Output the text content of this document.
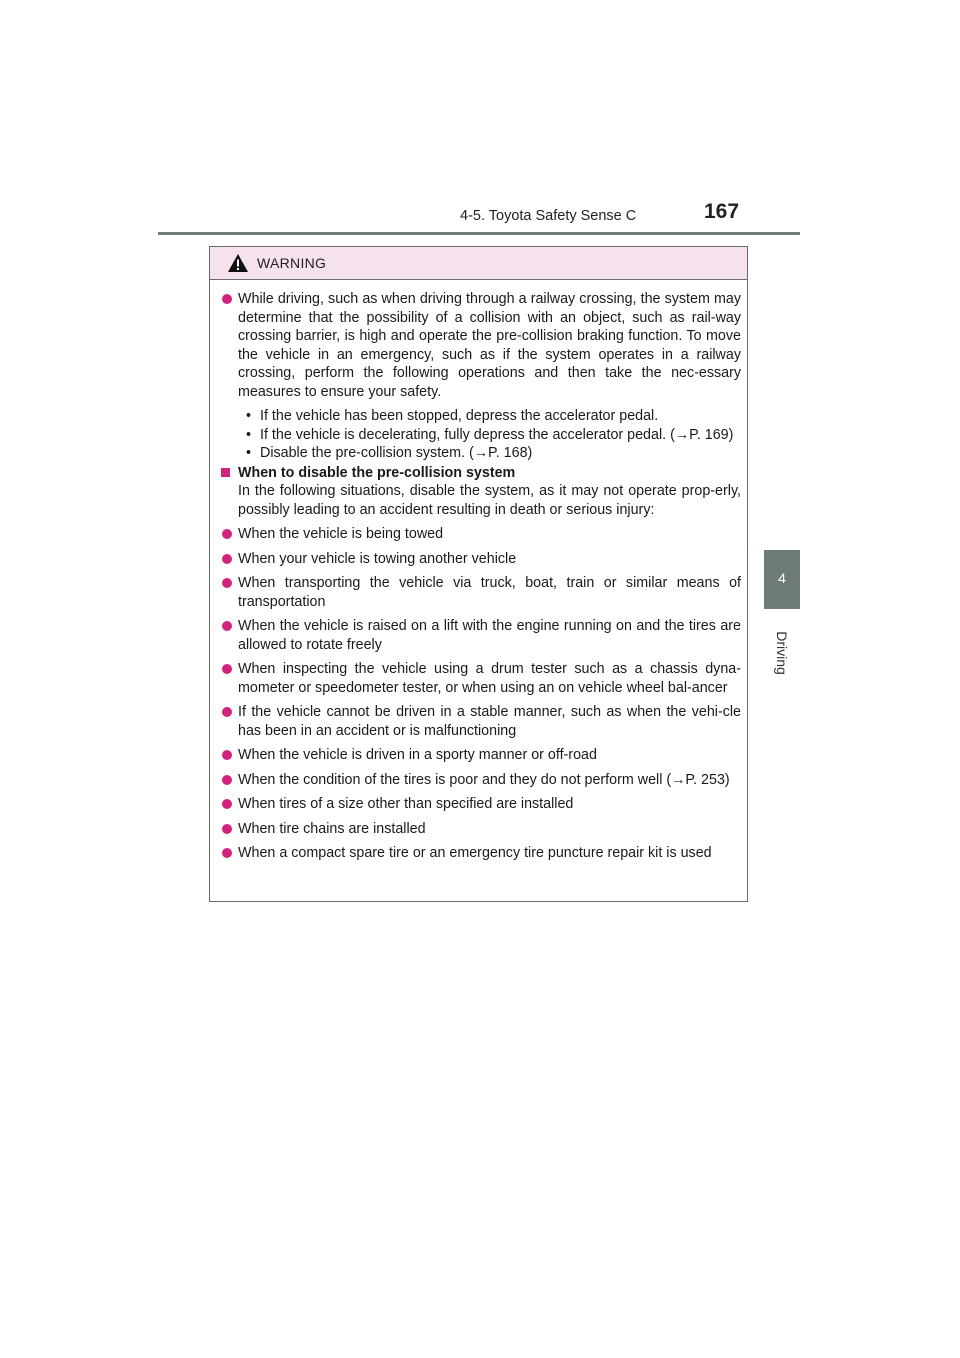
4-5. Toyota Safety Sense C	167
4
Driving
WARNING
While driving, such as when driving through a railway crossing, the system may determine that the possibility of a collision with an object, such as rail-way crossing barrier, is high and operate the pre-collision braking function. To move the vehicle in an emergency, such as if the system operates in a railway crossing, perform the following operations and then take the nec-essary measures to ensure your safety.
• If the vehicle has been stopped, depress the accelerator pedal.
• If the vehicle is decelerating, fully depress the accelerator pedal. (→P. 169)
• Disable the pre-collision system. (→P. 168)
When to disable the pre-collision system
In the following situations, disable the system, as it may not operate prop-erly, possibly leading to an accident resulting in death or serious injury:
When the vehicle is being towed
When your vehicle is towing another vehicle
When transporting the vehicle via truck, boat, train or similar means of transportation
When the vehicle is raised on a lift with the engine running on and the tires are allowed to rotate freely
When inspecting the vehicle using a drum tester such as a chassis dyna-mometer or speedometer tester, or when using an on vehicle wheel bal-ancer
If the vehicle cannot be driven in a stable manner, such as when the vehi-cle has been in an accident or is malfunctioning
When the vehicle is driven in a sporty manner or off-road
When the condition of the tires is poor and they do not perform well (→P. 253)
When tires of a size other than specified are installed
When tire chains are installed
When a compact spare tire or an emergency tire puncture repair kit is used
